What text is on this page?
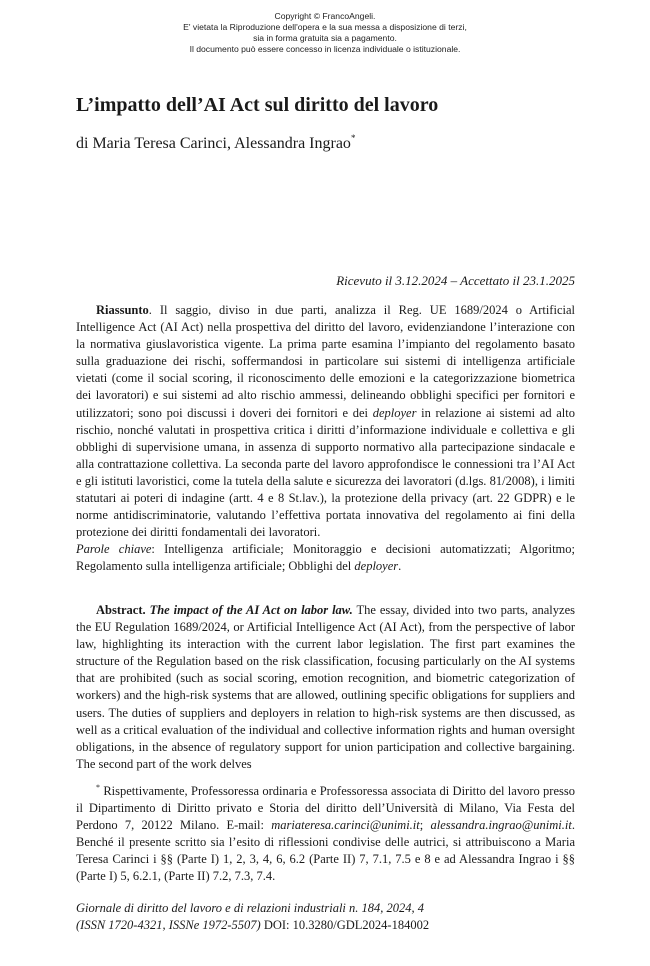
Copyright © FrancoAngeli.
E' vietata la Riproduzione dell'opera e la sua messa a disposizione di terzi,
sia in forma gratuita sia a pagamento.
Il documento può essere concesso in licenza individuale o istituzionale.
L’impatto dell’AI Act sul diritto del lavoro
di Maria Teresa Carinci, Alessandra Ingrao*
Ricevuto il 3.12.2024 – Accettato il 23.1.2025

Riassunto. Il saggio, diviso in due parti, analizza il Reg. UE 1689/2024 o Artificial Intelligence Act (AI Act) nella prospettiva del diritto del lavoro, evidenziandone l’interazione con la normativa giuslavoristica vigente. La prima parte esamina l’impianto del regolamento basato sulla graduazione dei rischi, soffermandosi in particolare sui sistemi di intelligenza artificiale vietati (come il social scoring, il riconoscimento delle emozioni e la categorizzazione biometrica dei lavoratori) e sui sistemi ad alto rischio ammessi, delineando obblighi specifici per fornitori e utilizzatori; sono poi discussi i doveri dei fornitori e dei deployer in relazione ai sistemi ad alto rischio, nonché valutati in prospettiva critica i diritti d’informazione individuale e collettiva e gli obblighi di supervisione umana, in assenza di supporto normativo alla partecipazione sindacale e alla contrattazione collettiva. La seconda parte del lavoro approfondisce le connessioni tra l’AI Act e gli istituti lavoristici, come la tutela della salute e sicurezza dei lavoratori (d.lgs. 81/2008), i limiti statutari ai poteri di indagine (artt. 4 e 8 St.lav.), la protezione della privacy (art. 22 GDPR) e le norme antidiscriminatorie, valutando l’effettiva portata innovativa del regolamento ai fini della protezione dei diritti fondamentali dei lavoratori.

Parole chiave: Intelligenza artificiale; Monitoraggio e decisioni automatizzati; Algoritmo; Regolamento sulla intelligenza artificiale; Obblighi del deployer.

Abstract. The impact of the AI Act on labor law. The essay, divided into two parts, analyzes the EU Regulation 1689/2024, or Artificial Intelligence Act (AI Act), from the perspective of labor law, highlighting its interaction with the current labor legislation. The first part examines the structure of the Regulation based on the risk classification, focusing particularly on the AI systems that are prohibited (such as social scoring, emotion recognition, and biometric categorization of workers) and the high-risk systems that are allowed, outlining specific obligations for suppliers and users. The duties of suppliers and deployers in relation to high-risk systems are then discussed, as well as a critical evaluation of the individual and collective information rights and human oversight obligations, in the absence of regulatory support for union participation and collective bargaining. The second part of the work delves

* Rispettivamente, Professoressa ordinaria e Professoressa associata di Diritto del lavoro presso il Dipartimento di Diritto privato e Storia del diritto dell’Università di Milano, Via Festa del Perdono 7, 20122 Milano. E-mail: mariateresa.carinci@unimi.it; alessandra.ingrao@unimi.it. Benché il presente scritto sia l’esito di riflessioni condivise delle autrici, si attribuiscono a Maria Teresa Carinci i §§ (Parte I) 1, 2, 3, 4, 6, 6.2 (Parte II) 7, 7.1, 7.5 e 8 e ad Alessandra Ingrao i §§ (Parte I) 5, 6.2.1, (Parte II) 7.2, 7.3, 7.4.

Giornale di diritto del lavoro e di relazioni industriali n. 184, 2024, 4
(ISSN 1720-4321, ISSNe 1972-5507) DOI: 10.3280/GDL2024-184002
